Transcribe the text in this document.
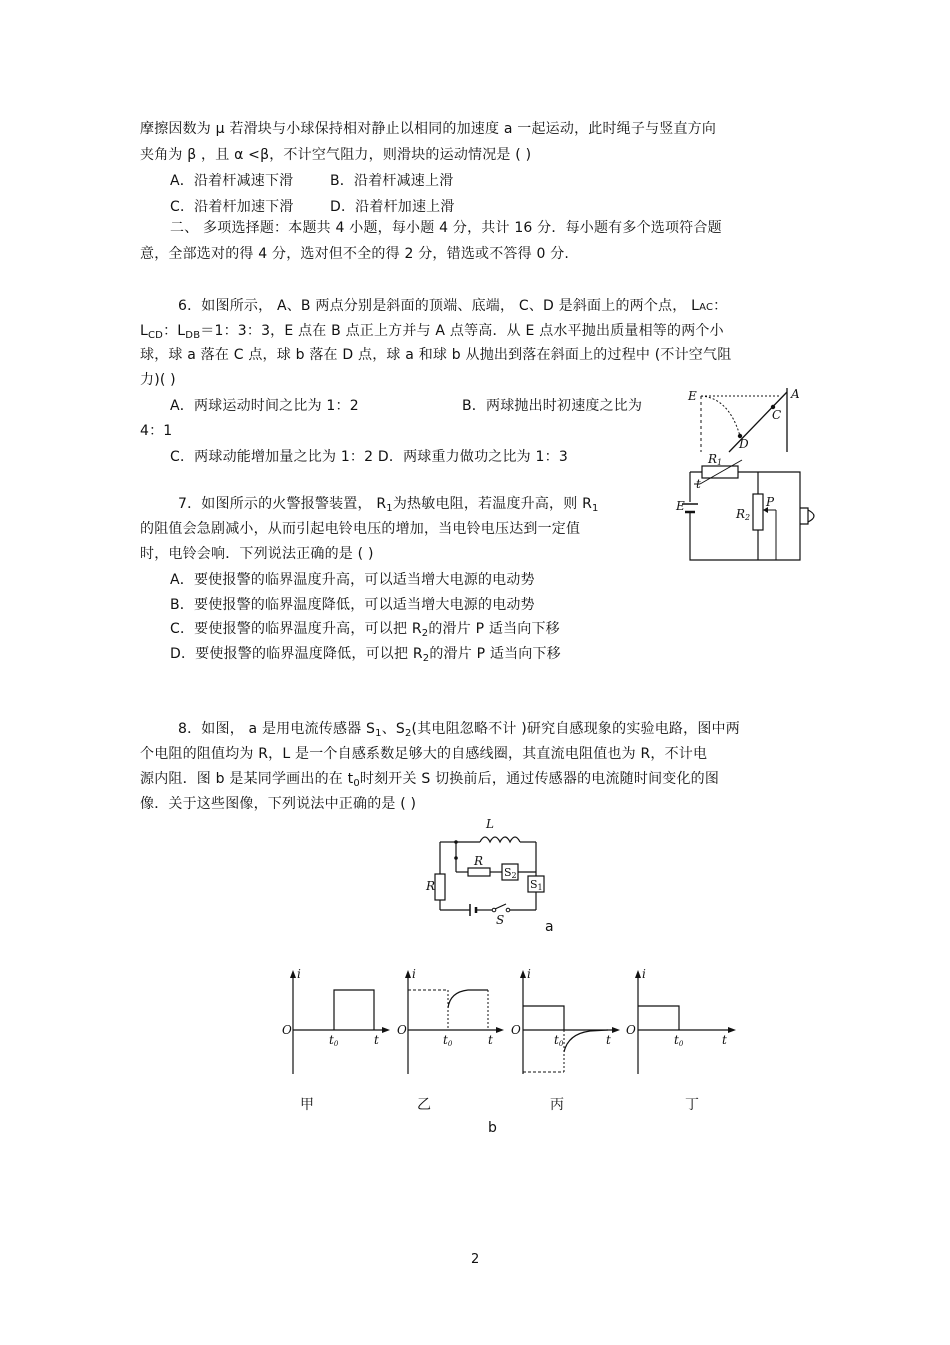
摩擦因数为 μ 若滑块与小球保持相对静止以相同的加速度 a 一起运动，此时绳子与竖直方向
夹角为 β ，且 α <β，不计空气阻力，则滑块的运动情况是 ( )
A．沿着杆减速下滑	B．沿着杆减速上滑
C．沿着杆加速下滑	D．沿着杆加速上滑
二、 多项选择题：本题共 4 小题，每小题 4 分，共计 16 分．每小题有多个选项符合题
意，全部选对的得 4 分，选对但不全的得 2 分，错选或不答得 0 分.
6．如图所示， A、B 两点分别是斜面的顶端、底端， C、D 是斜面上的两个点， LAC：
$L_{CD}$：$L_{DB}=1$：3：3，E 点在 B 点正上方并与 A 点等高．从 E 点水平抛出质量相等的两个小
球，球 a 落在 C 点，球 b 落在 D 点，球 a 和球 b 从抛出到落在斜面上的过程中 (不计空气阻
力)( )
A．两球运动时间之比为 1：2	B．两球抛出时初速度之比为
4：1
C．两球动能增加量之比为 1：2 D．两球重力做功之比为 1：3
E	A
C
D
7．如图所示的火警报警装置， $R_1$为热敏电阻，若温度升高，则 $R_1$
的阻值会急剧减小，从而引起电铃电压的增加，当电铃电压达到一定值
时，电铃会响．下列说法正确的是 ( )
A．要使报警的临界温度升高，可以适当增大电源的电动势
B．要使报警的临界温度降低，可以适当增大电源的电动势
C．要使报警的临界温度升高，可以把 $R_2$的滑片 P 适当向下移
D．要使报警的临界温度降低，可以把 $R_2$的滑片 P 适当向下移
R1
t
R2
P
E
8．如图， a 是用电流传感器 $S_1$、$S_2$(其电阻忽略不计 )研究自感现象的实验电路，图中两
个电阻的阻值均为 R，L 是一个自感系数足够大的自感线圈，其直流电阻值也为 R，不计电
源内阻．图 b 是某同学画出的在 $t_0$时刻开关 S 切换前后，通过传感器的电流随时间变化的图
像．关于这些图像，下列说法中正确的是 ( )
L
R
R
S2
S1
S	a
O
i
t0	t
O
i
t0	t
O
i
t0	t
O
i
t0	t
甲	乙	丙	丁
b
2
